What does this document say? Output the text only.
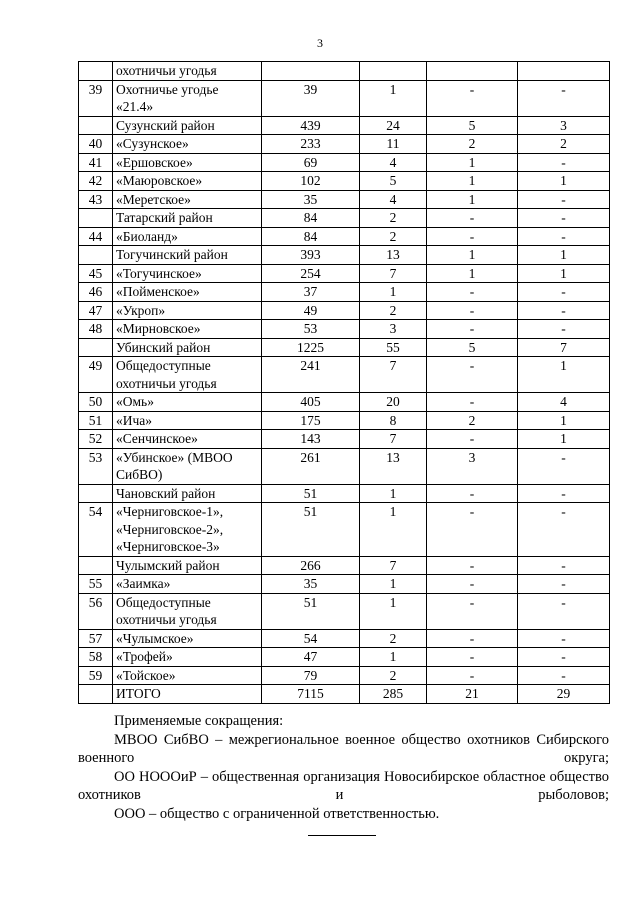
3
	охотничьи угодья				
39	Охотничье угодье «21.4»	39	1	-	-
	Сузунский район	439	24	5	3
40	«Сузунское»	233	11	2	2
41	«Ершовское»	69	4	1	-
42	«Маюровское»	102	5	1	1
43	«Меретское»	35	4	1	-
	Татарский район	84	2	-	-
44	«Биоланд»	84	2	-	-
	Тогучинский район	393	13	1	1
45	«Тогучинское»	254	7	1	1
46	«Пойменское»	37	1	-	-
47	«Укроп»	49	2	-	-
48	«Мирновское»	53	3	-	-
	Убинский район	1225	55	5	7
49	Общедоступные охотничьи угодья	241	7	-	1
50	«Омь»	405	20	-	4
51	«Ича»	175	8	2	1
52	«Сенчинское»	143	7	-	1
53	«Убинское» (МВОО СибВО)	261	13	3	-
	Чановский район	51	1	-	-
54	«Черниговское-1», «Черниговское-2», «Черниговское-3»	51	1	-	-
	Чулымский район	266	7	-	-
55	«Заимка»	35	1	-	-
56	Общедоступные охотничьи угодья	51	1	-	-
57	«Чулымское»	54	2	-	-
58	«Трофей»	47	1	-	-
59	«Тойское»	79	2	-	-
	ИТОГО	7115	285	21	29

Применяемые сокращения:

МВОО СибВО – межрегиональное военное общество охотников Сибирского военного округа;

ОО НОООиР – общественная организация Новосибирское областное общество охотников и рыболовов;

ООО – общество с ограниченной ответственностью.
